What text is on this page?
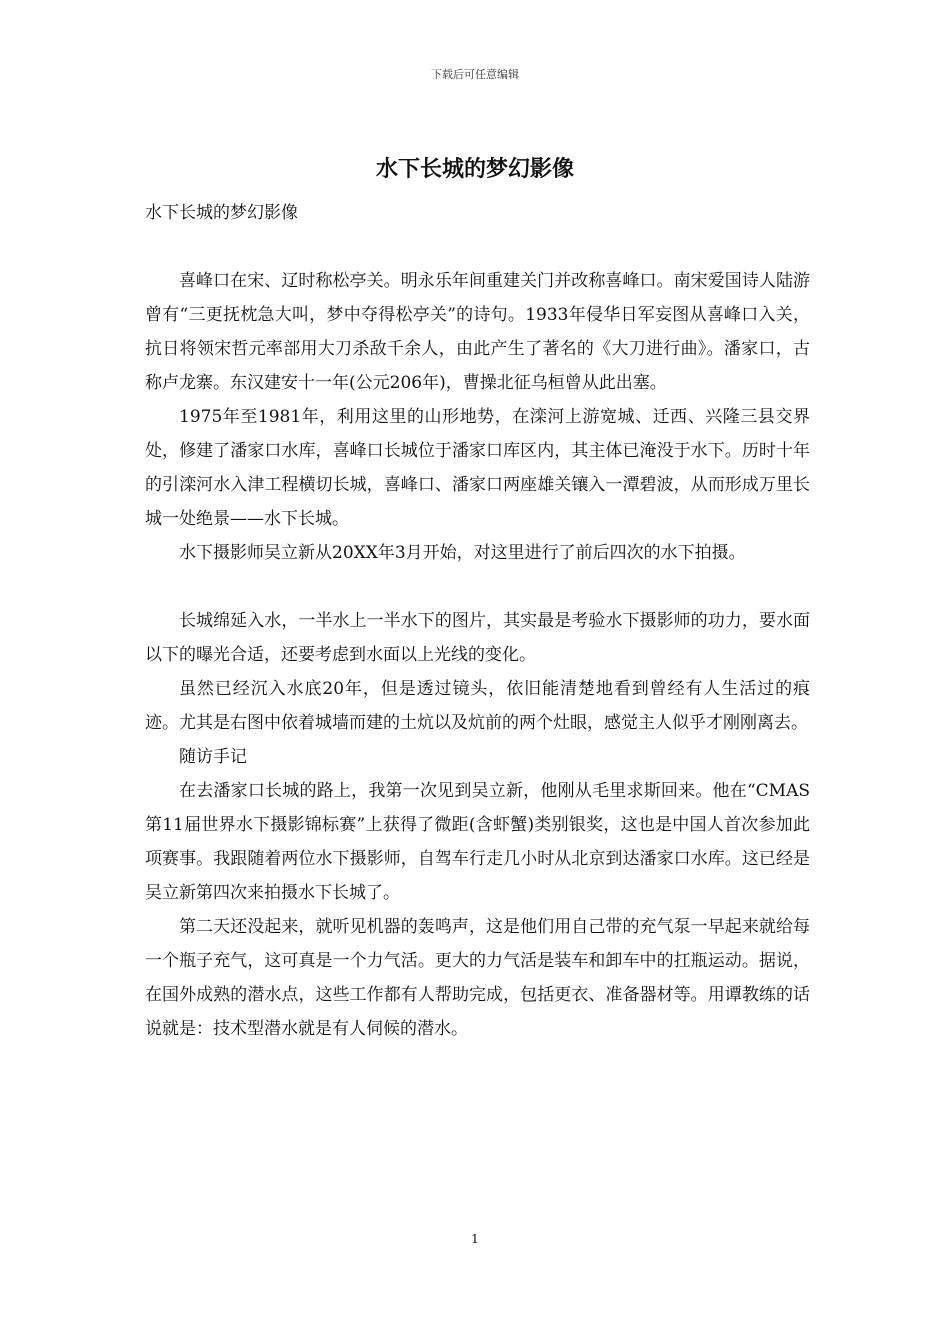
下载后可任意编辑
水下长城的梦幻影像

水下长城的梦幻影像

喜峰口在宋、辽时称松亭关。明永乐年间重建关门并改称喜峰口。南宋爱国诗人陆游曾有“三更抚枕急大叫，梦中夺得松亭关”的诗句。1933年侵华日军妄图从喜峰口入关，抗日将领宋哲元率部用大刀杀敌千余人，由此产生了著名的《大刀进行曲》。潘家口，古称卢龙寨。东汉建安十一年(公元206年)，曹操北征乌桓曾从此出塞。

1975年至1981年，利用这里的山形地势，在滦河上游宽城、迁西、兴隆三县交界处，修建了潘家口水库，喜峰口长城位于潘家口库区内，其主体已淹没于水下。历时十年的引滦河水入津工程横切长城，喜峰口、潘家口两座雄关镶入一潭碧波，从而形成万里长城一处绝景——水下长城。

水下摄影师吴立新从20XX年3月开始，对这里进行了前后四次的水下拍摄。

长城绵延入水，一半水上一半水下的图片，其实最是考验水下摄影师的功力，要水面以下的曝光合适，还要考虑到水面以上光线的变化。

虽然已经沉入水底20年，但是透过镜头，依旧能清楚地看到曾经有人生活过的痕迹。尤其是右图中依着城墙而建的土炕以及炕前的两个灶眼，感觉主人似乎才刚刚离去。

随访手记

在去潘家口长城的路上，我第一次见到吴立新，他刚从毛里求斯回来。他在“CMAS第11届世界水下摄影锦标赛”上获得了微距(含虾蟹)类别银奖，这也是中国人首次参加此项赛事。我跟随着两位水下摄影师，自驾车行走几小时从北京到达潘家口水库。这已经是吴立新第四次来拍摄水下长城了。

第二天还没起来，就听见机器的轰鸣声，这是他们用自己带的充气泵一早起来就给每一个瓶子充气，这可真是一个力气活。更大的力气活是装车和卸车中的扛瓶运动。据说，在国外成熟的潜水点，这些工作都有人帮助完成，包括更衣、准备器材等。用谭教练的话说就是：技术型潜水就是有人伺候的潜水。

1
